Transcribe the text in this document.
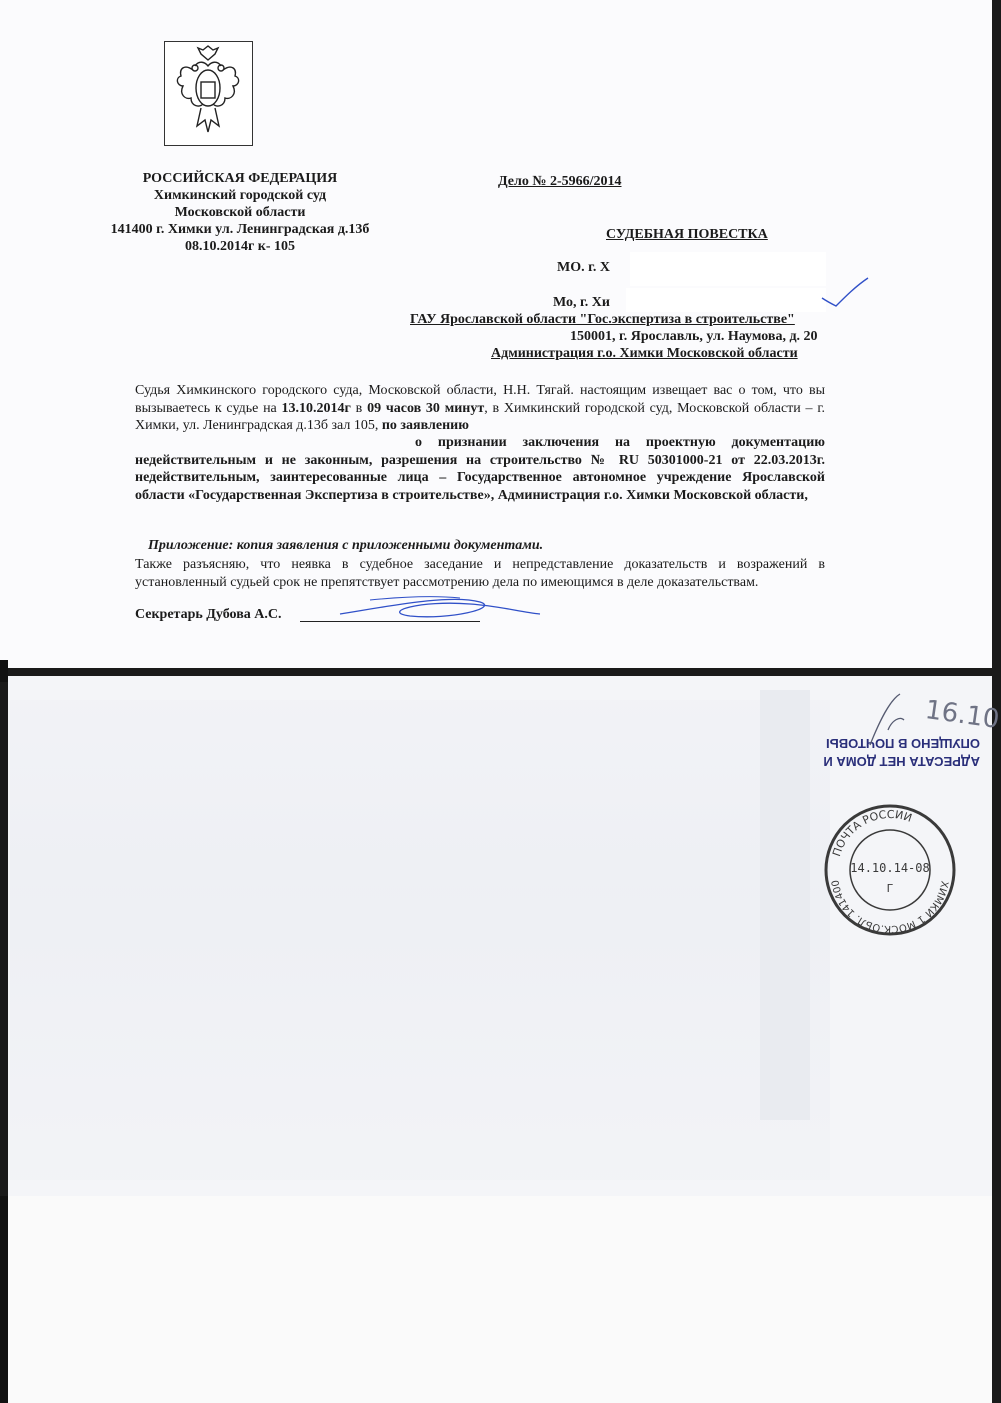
РОССИЙСКАЯ ФЕДЕРАЦИЯ
Химкинский городской суд
Московской области
141400 г. Химки ул. Ленинградская д.13б
08.10.2014г к- 105
Дело № 2-5966/2014
СУДЕБНАЯ ПОВЕСТКА
МО. г. Х
Мо, г. Хи
ГАУ Ярославской области "Гос.экспертиза в строительстве"
150001, г. Ярославль, ул. Наумова, д. 20
Администрация г.о. Химки Московской области
Судья Химкинского городского суда, Московской области, Н.Н. Тягай. настоящим извещает вас о том, что вы вызываетесь к судье на 13.10.2014г в 09 часов 30 минут, в Химкинский городской суд, Московской области – г. Химки, ул. Ленинградская д.13б зал 105, по заявлению
о признании заключения на проектную документацию недействительным и не законным, разрешения на строительство № RU 50301000-21 от 22.03.2013г. недействительным, заинтересованные лица – Государственное автономное учреждение Ярославской области «Государственная Экспертиза в строительстве», Администрация г.о. Химки Московской области,
Приложение: копия заявления с приложенными документами.
Также разъясняю, что неявка в судебное заседание и непредставление доказательств и возражений в установленный судьей срок не препятствует рассмотрению дела по имеющимся в деле доказательствам.
Секретарь Дубова А.С.
АДРЕСАТА НЕТ ДОМА И
ОПУЩЕНО В ПОЧТОВЫ
16.10
ПОЧТА РОССИИ
ХИМКИ 1 МОСК.ОБЛ. 141400
14.10.14-08
Г
